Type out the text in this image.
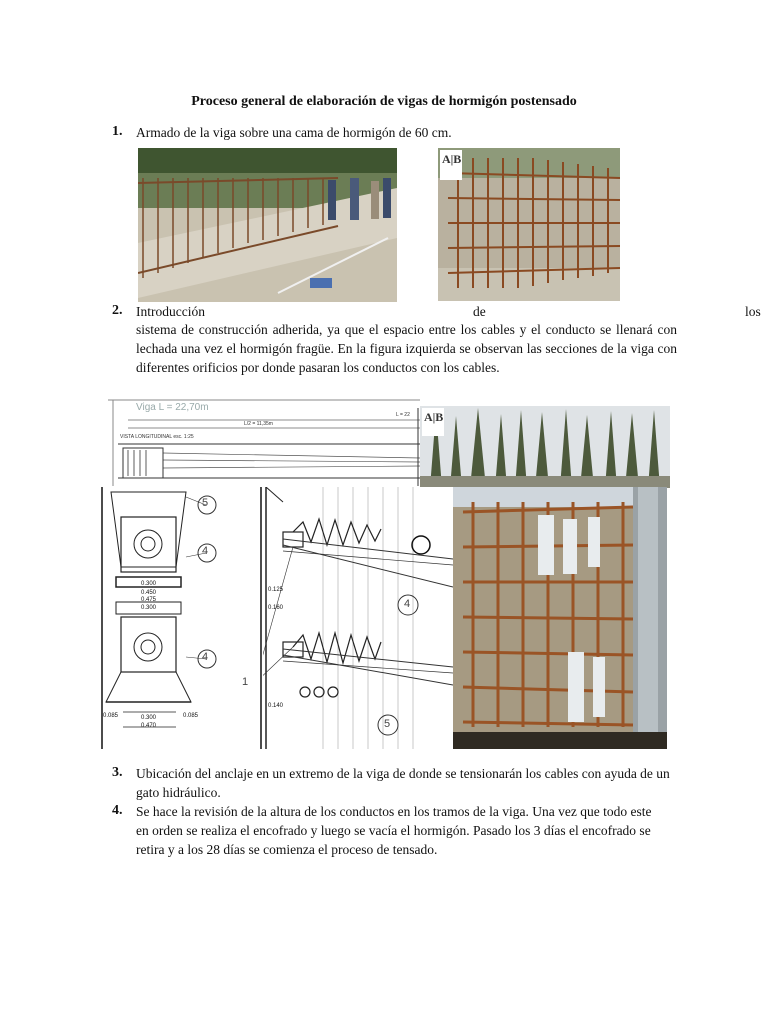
Proceso general de elaboración de vigas de hormigón postensado
1. Armado de la viga sobre una cama de hormigón de 60 cm.
A|B
2. Introducción	de	los
sistema de construcción adherida, ya que el espacio entre los cables y el conducto se llenará con lechada una vez el hormigón fragüe. En la figura izquierda se observan las secciones de la viga con diferentes orificios por donde pasaran los conductos con los cables.
Viga L = 22,70m
L/2 = 11,35m
L = 22
VISTA LONGITUDINAL esc. 1:25
A|B
5
4
4
0.300
0.450
0.475
0.300
0.300
0.470
0.085	0.085
4
1
5
0.125
0.160
0.140
3. Ubicación del anclaje en un extremo de la viga de donde se tensionarán los cables con ayuda de un gato hidráulico.
4. Se hace la revisión de la altura de los conductos en los tramos de la viga. Una vez que todo este en orden se realiza el encofrado y luego se vacía el hormigón. Pasado los 3 días el encofrado se retira y a los 28 días se comienza el proceso de tensado.
